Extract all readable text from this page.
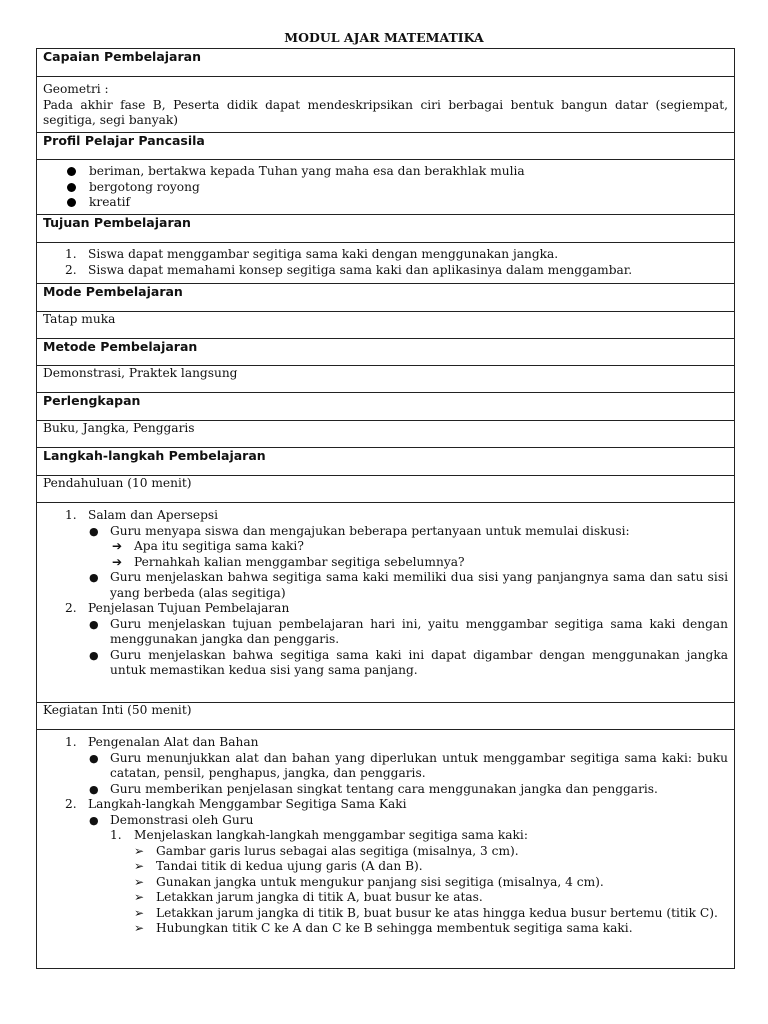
MODUL AJAR MATEMATIKA
Capaian Pembelajaran

Geometri :
Pada akhir fase B, Peserta didik dapat mendeskripsikan ciri berbagai bentuk bangun datar (segiempat, segitiga, segi banyak)

Profil Pelajar Pancasila

beriman, bertakwa kepada Tuhan yang maha esa dan berakhlak mulia
bergotong royong
kreatif

Tujuan Pembelajaran

1. Siswa dapat menggambar segitiga sama kaki dengan menggunakan jangka.
2. Siswa dapat memahami konsep segitiga sama kaki dan aplikasinya dalam menggambar.

Mode Pembelajaran
Tatap muka
Metode Pembelajaran
Demonstrasi, Praktek langsung
Perlengkapan
Buku, Jangka, Penggaris
Langkah-langkah Pembelajaran
Pendahuluan (10 menit)

1. Salam dan Apersepsi
● Guru menyapa siswa dan mengajukan beberapa pertanyaan untuk memulai diskusi:
➔ Apa itu segitiga sama kaki?
➔ Pernahkah kalian menggambar segitiga sebelumnya?
● Guru menjelaskan bahwa segitiga sama kaki memiliki dua sisi yang panjangnya sama dan satu sisi yang berbeda (alas segitiga)
2. Penjelasan Tujuan Pembelajaran
● Guru menjelaskan tujuan pembelajaran hari ini, yaitu menggambar segitiga sama kaki dengan menggunakan jangka dan penggaris.
● Guru menjelaskan bahwa segitiga sama kaki ini dapat digambar dengan menggunakan jangka untuk memastikan kedua sisi yang sama panjang.

Kegiatan Inti (50 menit)

1. Pengenalan Alat dan Bahan
● Guru menunjukkan alat dan bahan yang diperlukan untuk menggambar segitiga sama kaki: buku catatan, pensil, penghapus, jangka, dan penggaris.
● Guru memberikan penjelasan singkat tentang cara menggunakan jangka dan penggaris.
2. Langkah-langkah Menggambar Segitiga Sama Kaki
● Demonstrasi oleh Guru
1. Menjelaskan langkah-langkah menggambar segitiga sama kaki:
➢ Gambar garis lurus sebagai alas segitiga (misalnya, 3 cm).
➢ Tandai titik di kedua ujung garis (A dan B).
➢ Gunakan jangka untuk mengukur panjang sisi segitiga (misalnya, 4 cm).
➢ Letakkan jarum jangka di titik A, buat busur ke atas.
➢ Letakkan jarum jangka di titik B, buat busur ke atas hingga kedua busur bertemu (titik C).
➢ Hubungkan titik C ke A dan C ke B sehingga membentuk segitiga sama kaki.
